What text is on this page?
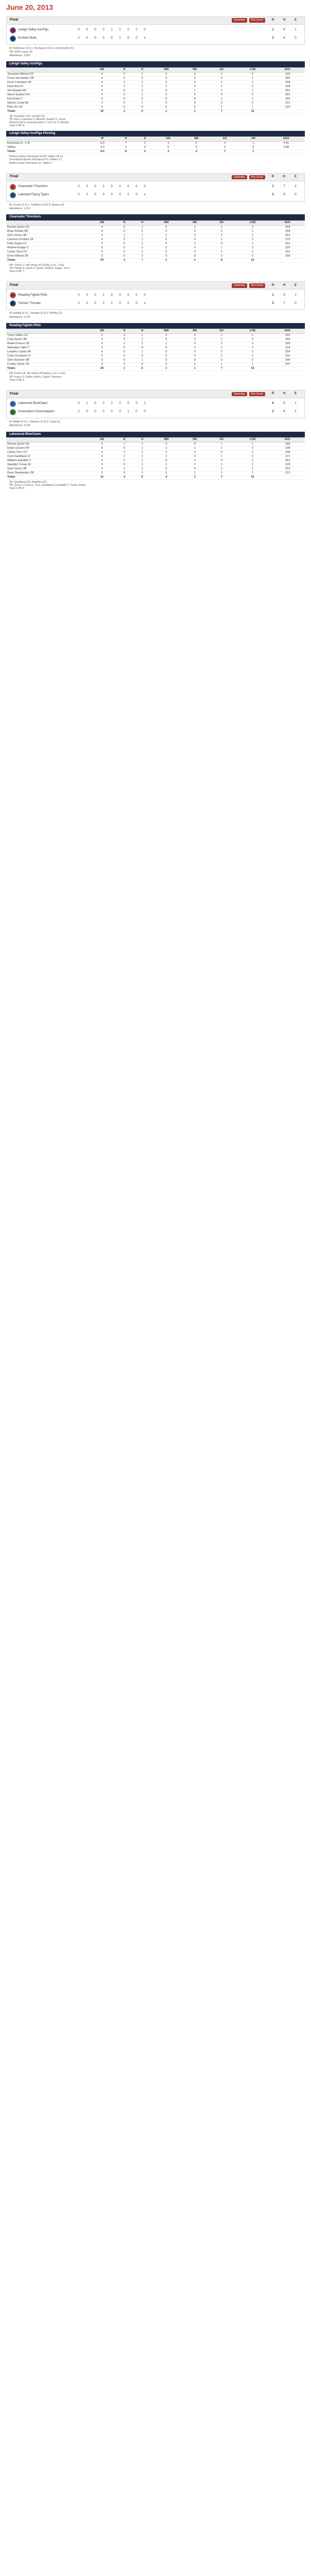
June 20, 2013
Final	Gameday	Box Score	R	H	E
Lehigh Valley IronPigs	0	0	0	0	1	0	0	0	0	1	6	1
Durham Bulls	2	0	0	0	0	1	0	0	x	3	8	0
W: Hellickson (4-2) L: Buchanan (2-4) S: Farnsworth (11)
HR: DUR: Lopez (3)
Attendance: 9,802
Lehigh Valley IronPigs
	AB	R	H	RBI	BB	SO	LOB	AVG
Jermaine Mitchell CF	4	0	1	0	0	1	2	.242
Cesar Hernandez 2B	4	0	0	0	0	0	1	.285
Kevin Frandsen 1B	4	0	1	0	0	2	2	.268
Darin Ruf LF	4	1	1	1	0	1	0	.239
Jim Murphy RF	3	0	1	0	1	1	1	.251
Steve Susdorf DH	4	0	1	0	0	0	2	.301
Erik Kratz C	3	0	0	0	0	1	1	.201
Steven Lerud 3B	3	0	1	0	0	0	0	.221
Pete Orr SS	3	0	0	0	0	1	1	.224
Totals	32	1	6	1	1	7	10	
2B: Frandsen (14), Susdorf (9).
TB: Ruf 4, Frandsen 2, Mitchell, Susdorf 2, Lerud.
Runners left in scoring position, 2 out: Orr 2, Murphy.
Team LOB: 8.
Lehigh Valley IronPigs Pitching
	IP	H	R	ER	BB	SO	HR	ERA
Buchanan (L, 2-4)	6.0	7	3	3	2	4	1	4.41
Valdes	2.0	1	0	0	0	3	0	2.88
Totals	8.0	8	3	3	2	7	1	
Pitches-strikes: Buchanan 94-58, Valdes 28-19.
Groundouts-flyouts: Buchanan 6-5, Valdes 2-1.
Batters faced: Buchanan 26, Valdes 7.
Final	Gameday	Box Score	R	H	E
Clearwater Threshers	0	0	0	1	0	0	0	0	0	1	7	2
Lakeland Flying Tigers	0	2	0	0	0	0	1	0	x	3	9	0
W: Crosby (5-3) L: Pettibone (3-6) S: Alvarez (8)
Attendance: 1,214
Clearwater Threshers
	AB	R	H	RBI	BB	SO	LOB	AVG
Roman Quinn SS	4	0	1	0	0	1	2	.254
Brian Pointer RF	4	0	2	0	0	0	1	.268
Zach Green 3B	4	1	1	1	0	2	1	.252
Cameron Perkins 1B	4	0	1	0	0	1	2	.275
Kelly Dugan LF	3	0	1	0	1	0	1	.291
Andrew Knapp C	3	0	0	0	0	1	2	.233
Carlos Tocci CF	4	0	1	0	0	1	1	.251
Drew Hillman 2B	3	0	0	0	0	2	0	.205
Totals	29	1	7	1	1	8	10	
HR: Green (7, 4th inning off Crosby, 0 on, 1 out).
TB: Pointer 3, Green 4, Quinn, Perkins, Dugan, Tocci.
Team LOB: 7.
Final	Gameday	Box Score	R	H	E
Reading Fightin Phils	0	0	0	1	0	0	0	0	0	1	6	1
Trenton Thunder	2	0	0	0	1	0	0	0	x	3	7	0
W: Nuding (6-3) L: Morgan (2-5) S: Whitley (3)
Attendance: 6,732
Reading Fightin Phils
	AB	R	H	RBI	BB	SO	LOB	AVG
Tyson Gillies CF	4	0	1	0	0	1	1	.262
Cody Asche 3B	4	0	1	0	0	1	2	.283
Maikel Franco 1B	4	1	2	1	0	0	0	.335
Sebastian Valle C	3	0	0	0	1	1	2	.214
Leandro Castro RF	4	0	1	0	0	2	1	.254
Cody Overbeck LF	3	0	0	0	0	1	1	.231
Tyler Hanover 2B	3	0	1	0	0	0	2	.240
Freddy Galvis SS	3	0	0	0	0	1	1	.247
Totals	28	1	6	1	1	7	10	
HR: Franco (8, 4th inning off Nuding, 0 on, 0 out).
TB: Franco 5, Gillies, Asche, Castro, Hanover.
Team LOB: 6.
Final	Gameday	Box Score	R	H	E
Lakewood BlueClaws	0	1	0	0	2	0	0	0	1	4	9	1
Greensboro Grasshoppers	1	0	0	0	0	0	1	0	0	2	6	2
W: Biddle (4-3) L: Ramirez (1-4) S: Cloyd (5)
Attendance: 3,108
Lakewood BlueClaws
	AB	R	H	RBI	BB	SO	LOB	AVG
Roman Quinn SS	5	1	2	0	0	1	1	.256
Dylan Cozens RF	4	0	1	1	1	1	2	.248
Carlos Tocci CF	4	1	1	0	0	0	1	.238
Cord Sandberg LF	4	1	2	2	0	1	0	.271
Willians Astudillo C	4	0	1	0	0	0	2	.301
Jiandido Tromp 1B	3	0	1	1	1	1	1	.229
Zach Green 3B	4	1	1	0	0	2	1	.252
Drew Stankiewicz 2B	3	0	0	0	1	1	2	.212
Totals	31	4	9	4	3	7	10	
2B: Sandberg (10), Astudillo (12).
TB: Quinn 2, Cozens, Tocci, Sandberg 3, Astudillo 2, Tromp, Green.
Team LOB: 8.
